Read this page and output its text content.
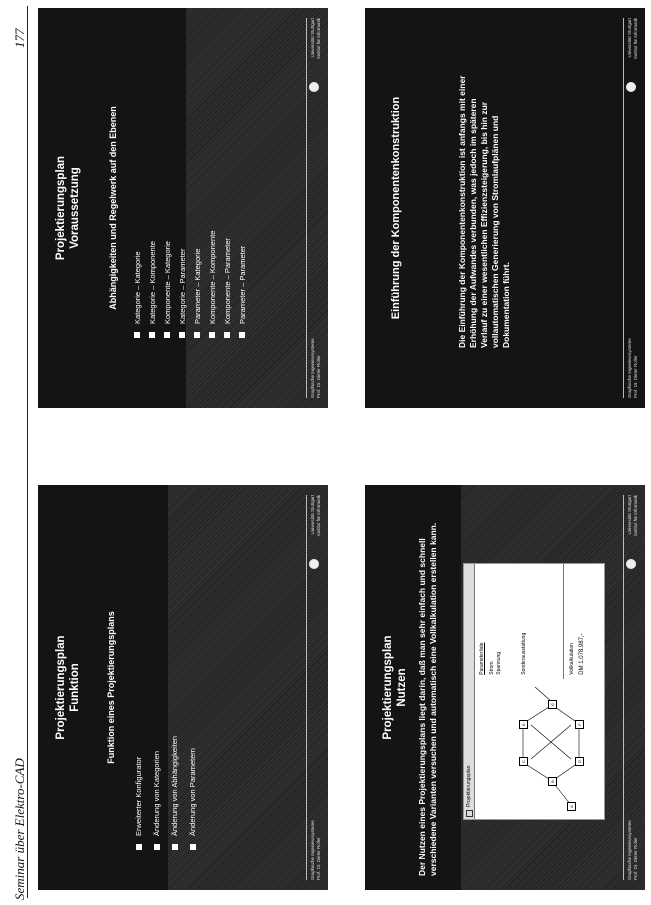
Seminar über Elektro-CAD
177
Projektierungsplan Funktion	Funktion eines Projektierungsplans
Erweiterter Konfigurator	Änderung von Kategorien	Änderung von Abhängigkeiten	Änderung von Parametern
Graphische Ingenieursysteme Prof. Dr. Dieter Roller
Universität Stuttgart Institut für Informatik
Projektierungsplan Voraussetzung	Abhängigkeiten und Regelwerk auf den Ebenen	Kategorie – Kategorie Kategorie – Komponente Komponente – Kategorie Kategorie – Parameter Parameter – Kategorie Komponente – Komponente Komponente – Parameter Parameter – Parameter
Graphische Ingenieursysteme Prof. Dr. Dieter Roller
Universität Stuttgart Institut für Informatik
Projektierungsplan Nutzen Der Nutzen eines Projektierungsplans liegt darin, daß man sehr einfach und schnell verschiedene Varianten versuchen und automatisch eine Vollkalkulation erstellen kann.	Projektierungsplan	A
B
C	D
E	F
G
Parameterliste Strom Spannung	Sonderausstattung	Vollkalkulation DM 1.078.987,-
Graphische Ingenieursysteme Prof. Dr. Dieter Roller
Universität Stuttgart Institut für Informatik
Einführung der Komponentenkonstruktion	Die Einführung der Komponentenkonstruktion ist anfangs mit einer Erhöhung der Aufwandes verbunden, was jedoch im späteren Verlauf zu einer wesentlichen Effizienzsteigerung, bis hin zur vollautomatischen Generierung von Stromlaufplänen und Dokumentation führt.
Graphische Ingenieursysteme Prof. Dr. Dieter Roller
Universität Stuttgart Institut für Informatik
